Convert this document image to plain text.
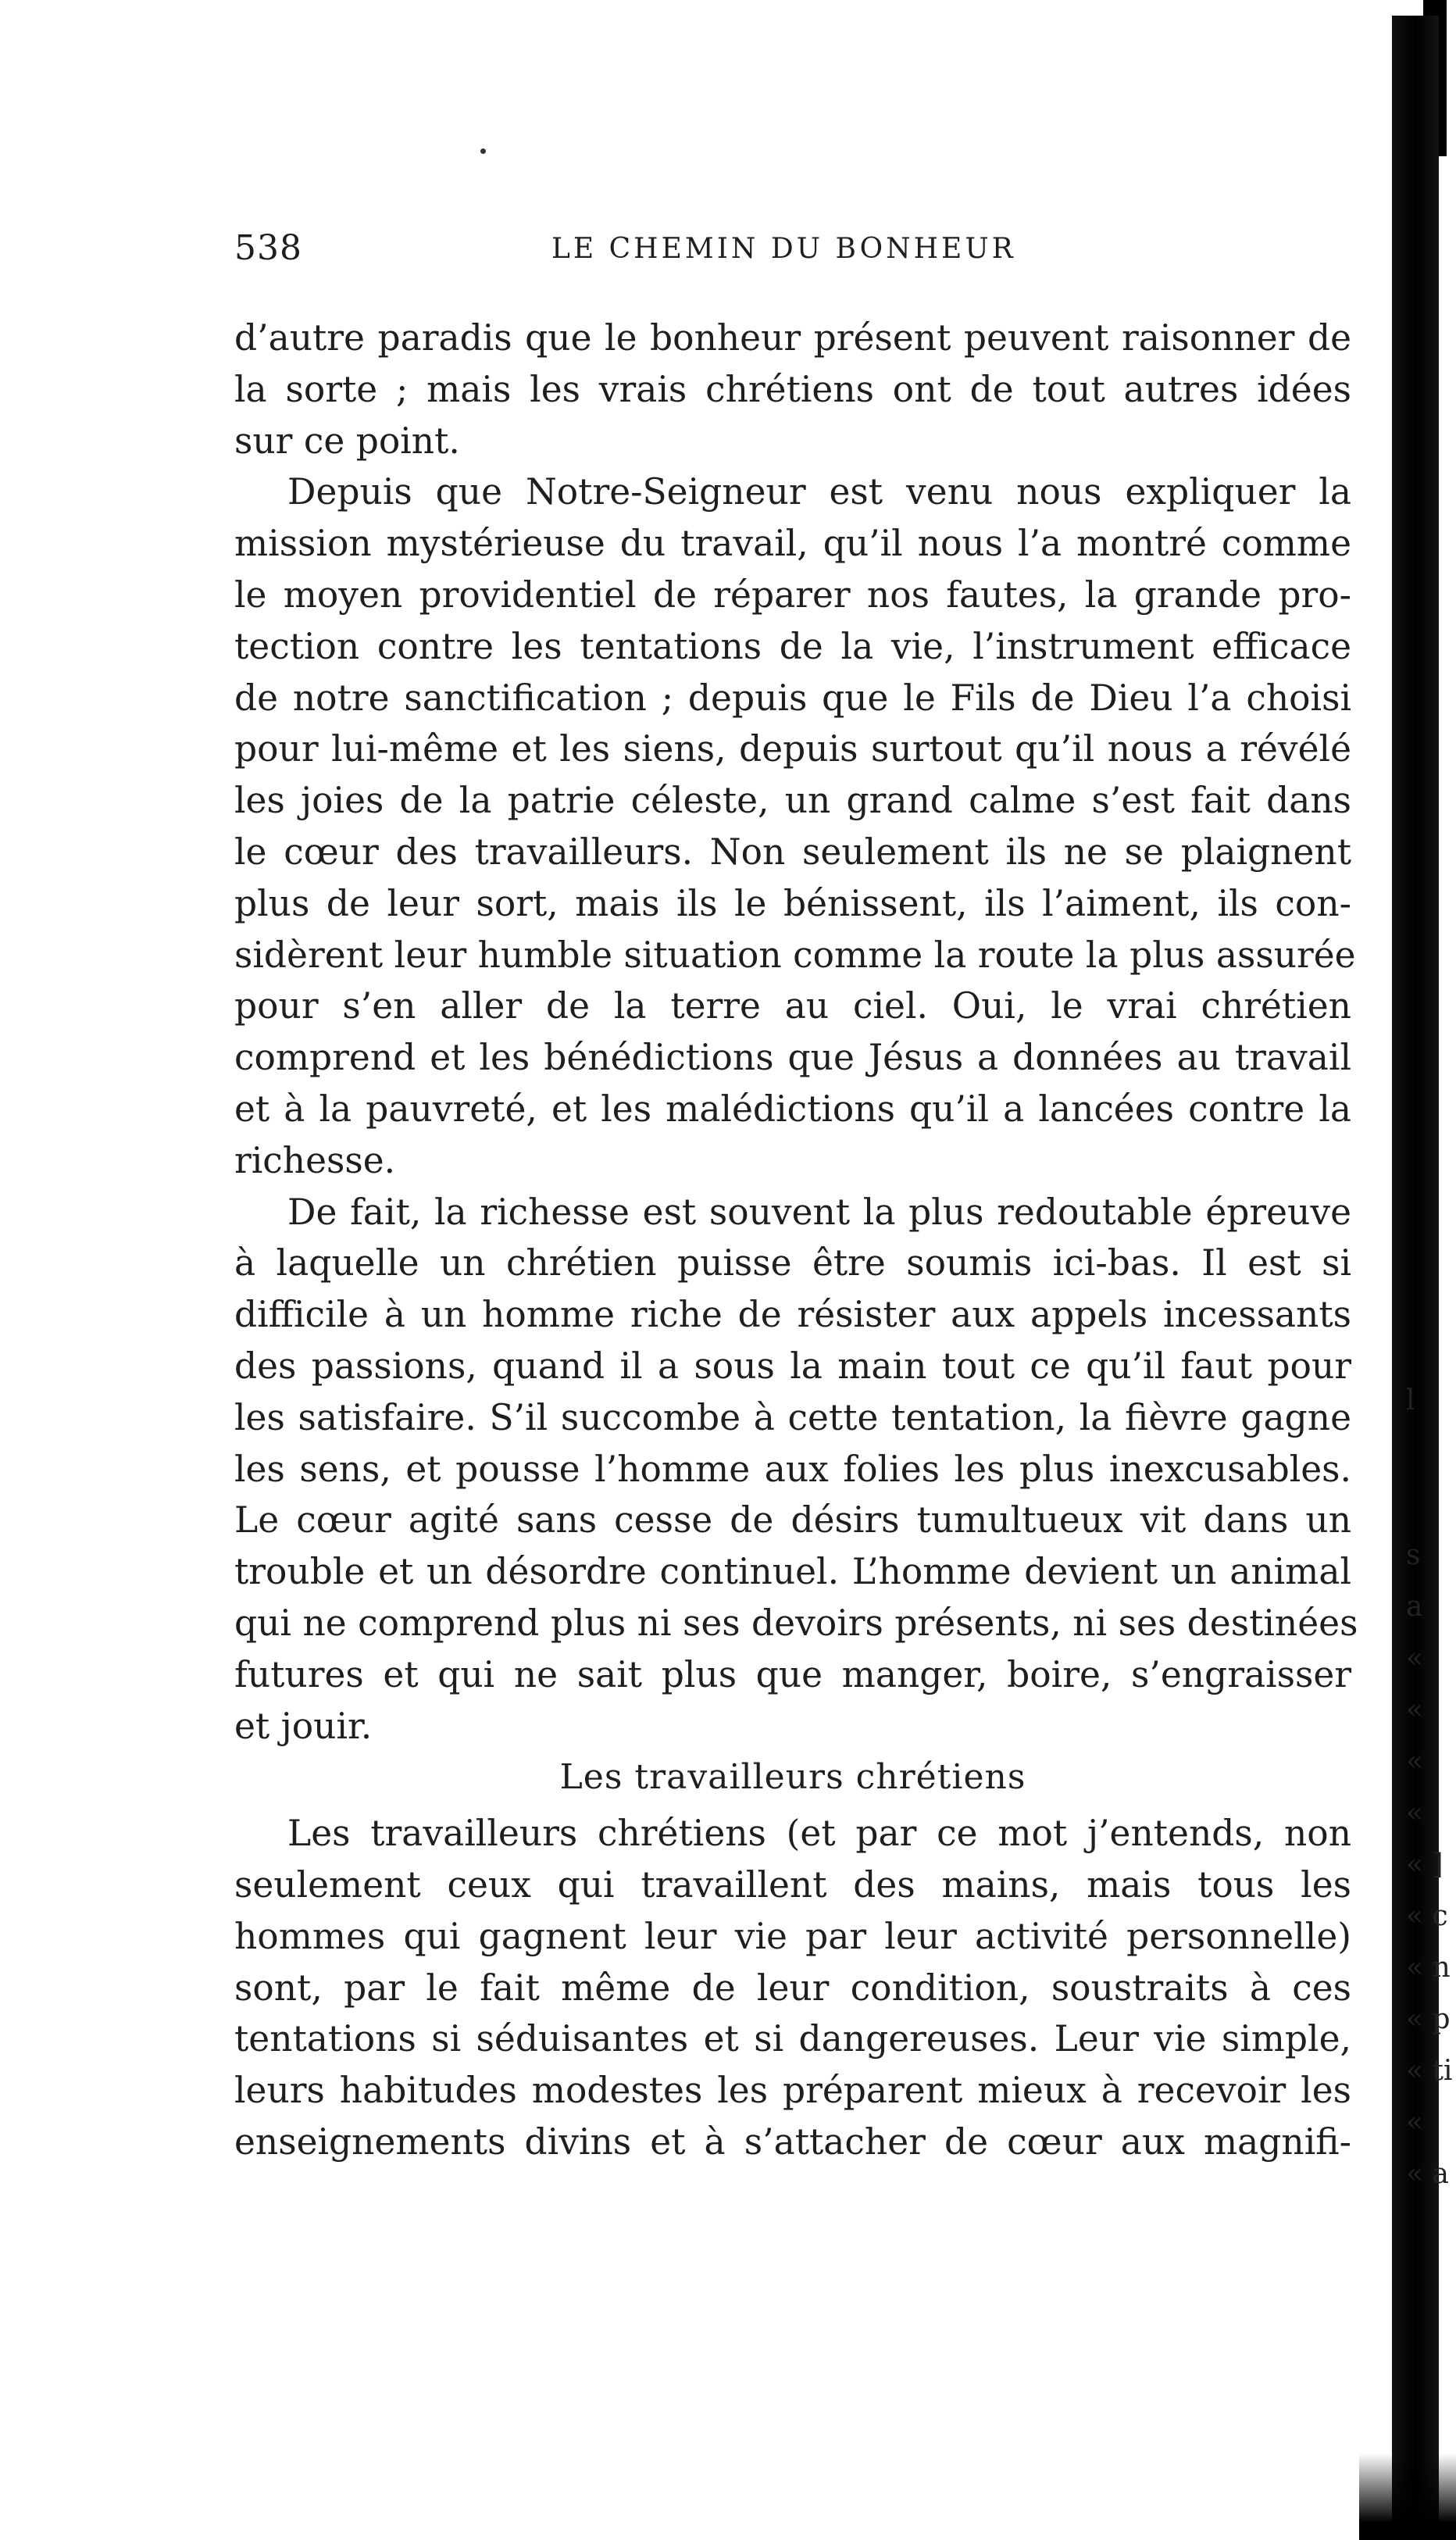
538	LE CHEMIN DU BONHEUR

d’autre paradis que le bonheur présent peuvent raisonner de
la sorte ; mais les vrais chrétiens ont de tout autres idées
sur ce point.

Depuis que Notre-Seigneur est venu nous expliquer la
mission mystérieuse du travail, qu’il nous l’a montré comme
le moyen providentiel de réparer nos fautes, la grande pro-
tection contre les tentations de la vie, l’instrument efficace
de notre sanctification ; depuis que le Fils de Dieu l’a choisi
pour lui-même et les siens, depuis surtout qu’il nous a révélé
les joies de la patrie céleste, un grand calme s’est fait dans
le cœur des travailleurs. Non seulement ils ne se plaignent
plus de leur sort, mais ils le bénissent, ils l’aiment, ils con-
sidèrent leur humble situation comme la route la plus assurée
pour s’en aller de la terre au ciel. Oui, le vrai chrétien
comprend et les bénédictions que Jésus a données au travail
et à la pauvreté, et les malédictions qu’il a lancées contre la
richesse.

De fait, la richesse est souvent la plus redoutable épreuve
à laquelle un chrétien puisse être soumis ici-bas. Il est si
difficile à un homme riche de résister aux appels incessants
des passions, quand il a sous la main tout ce qu’il faut pour
les satisfaire. S’il succombe à cette tentation, la fièvre gagne
les sens, et pousse l’homme aux folies les plus inexcusables.
Le cœur agité sans cesse de désirs tumultueux vit dans un
trouble et un désordre continuel. L’homme devient un animal
qui ne comprend plus ni ses devoirs présents, ni ses destinées
futures et qui ne sait plus que manger, boire, s’engraisser
et jouir.

Les travailleurs chrétiens

Les travailleurs chrétiens (et par ce mot j’entends, non
seulement ceux qui travaillent des mains, mais tous les
hommes qui gagnent leur vie par leur activité personnelle)
sont, par le fait même de leur condition, soustraits à ces
tentations si séduisantes et si dangereuses. Leur vie simple,
leurs habitudes modestes les préparent mieux à recevoir les
enseignements divins et à s’attacher de cœur aux magnifi-

l
s
a
«
«
«
«
« ]
« c
« n
« p
« ti
«
« a
